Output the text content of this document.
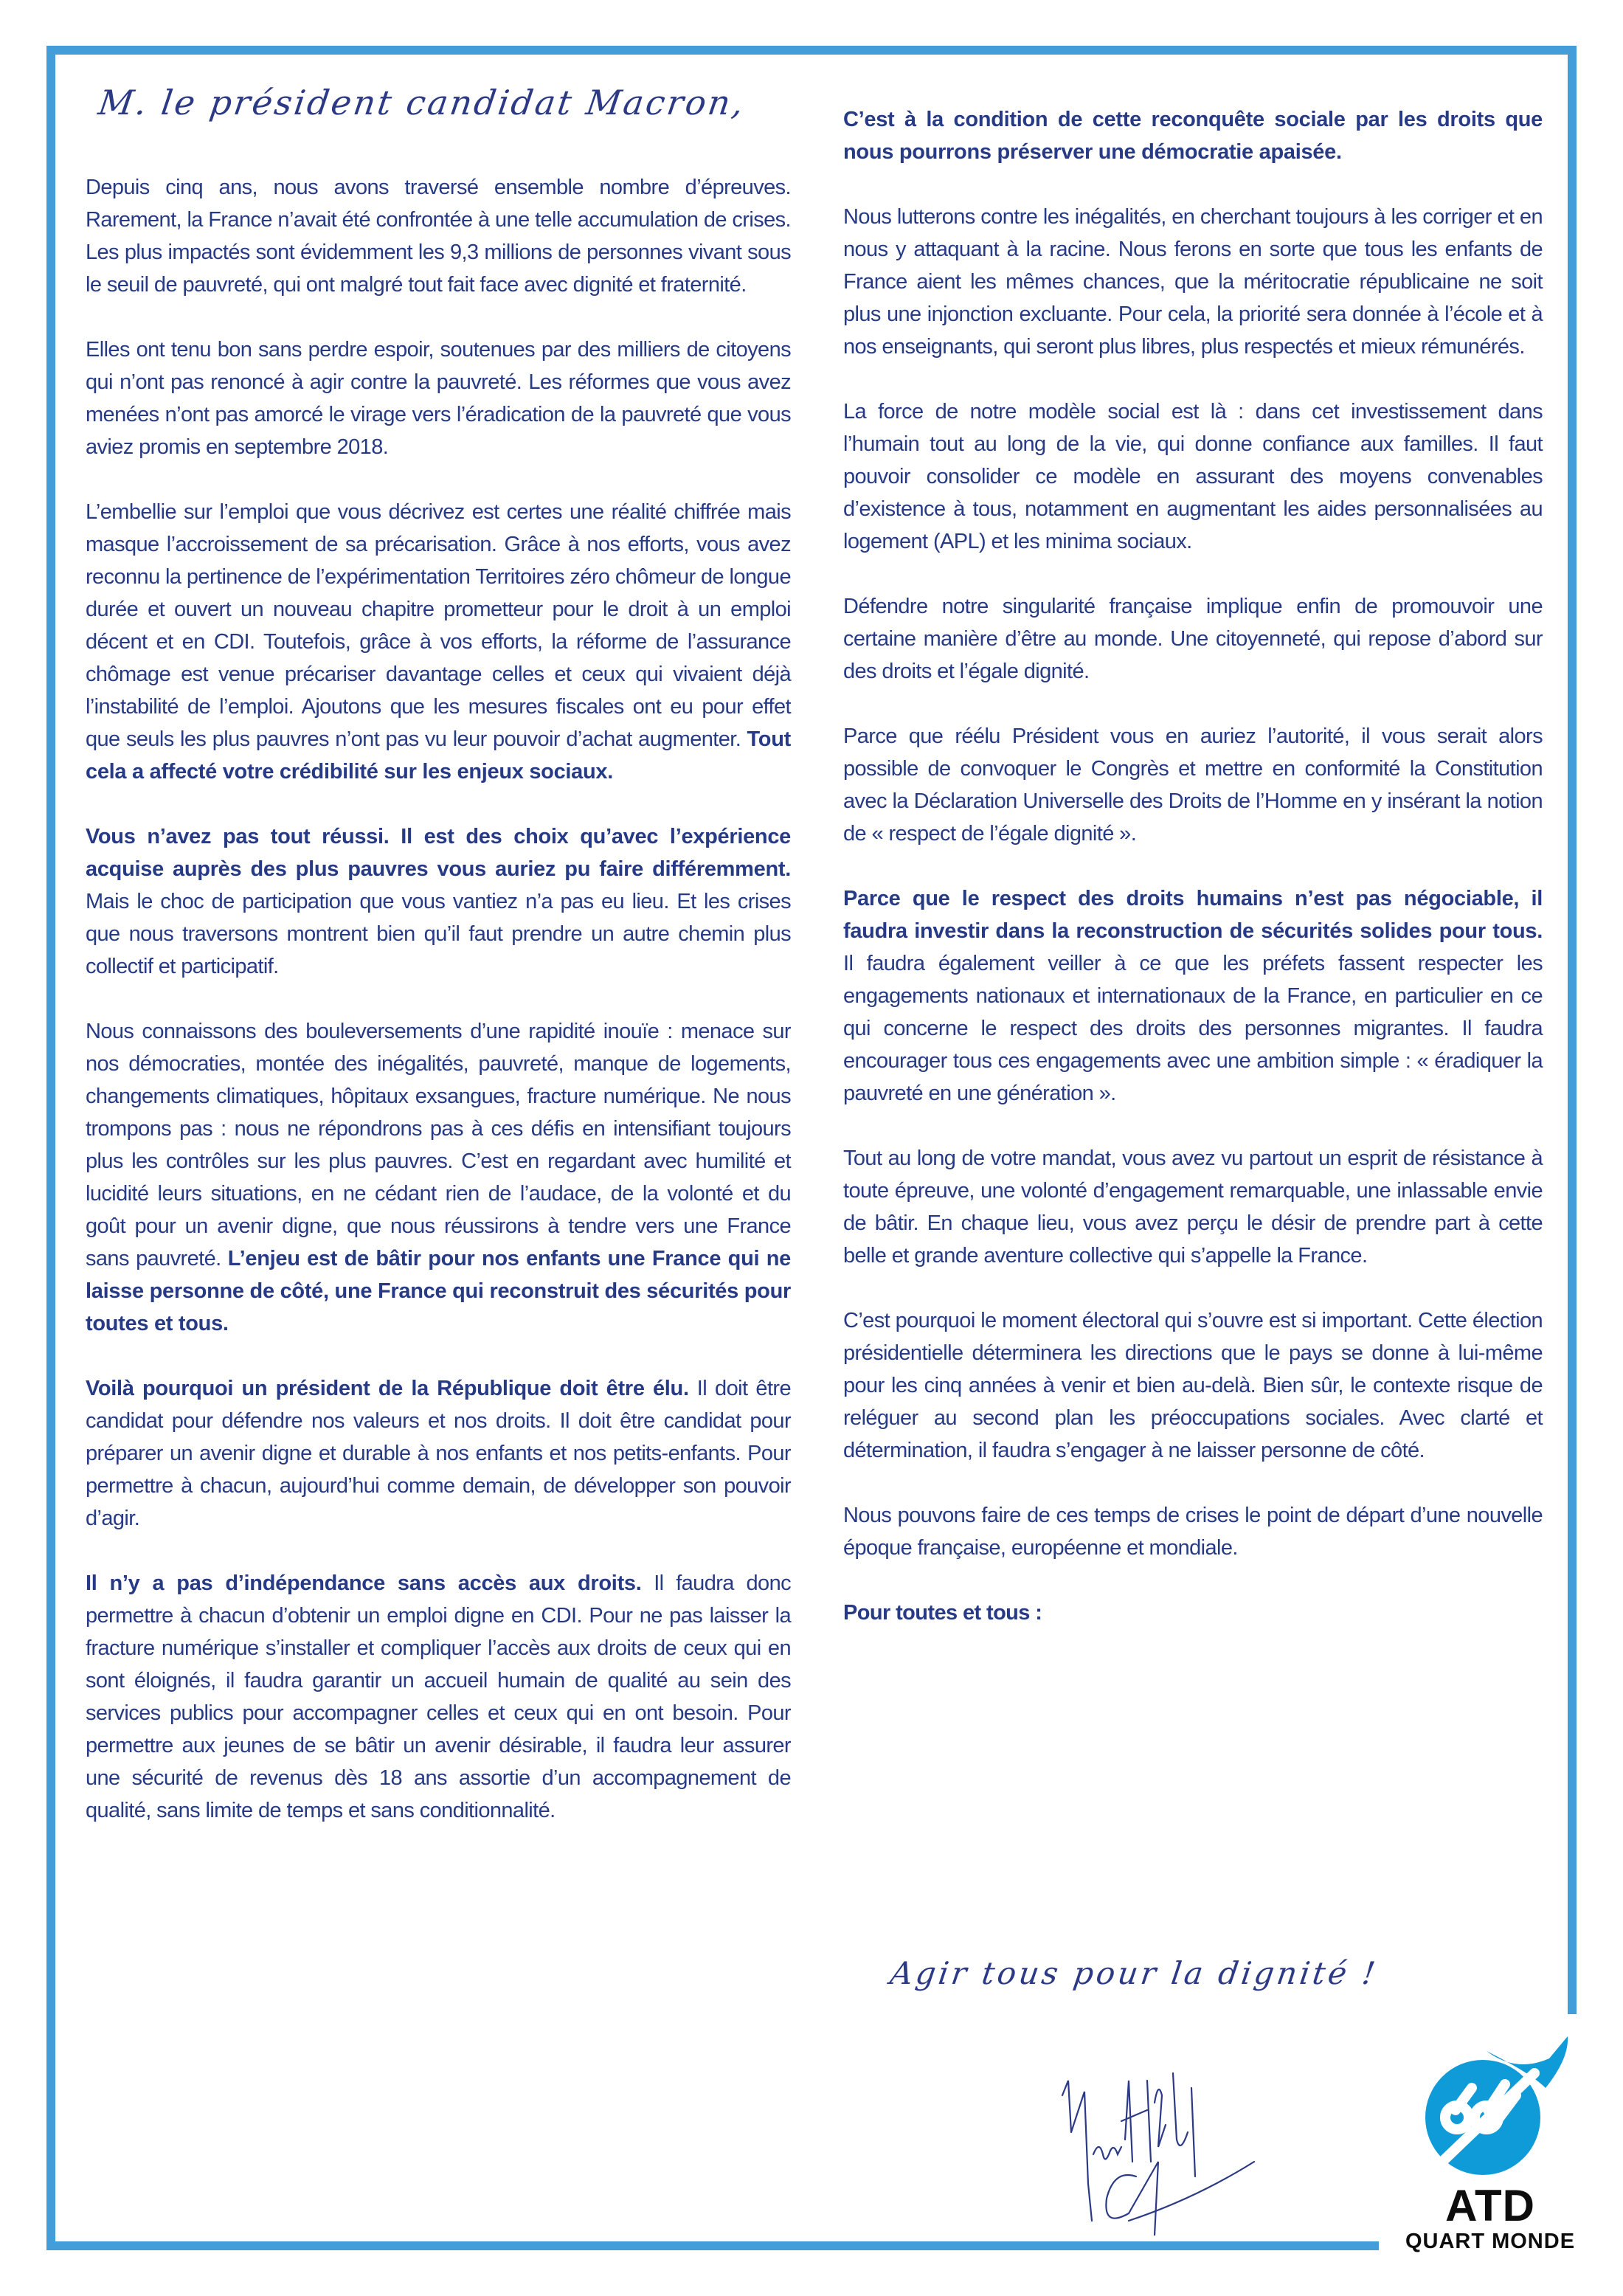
M. le président candidat Macron,

Depuis cinq ans, nous avons traversé ensemble nombre d’épreuves. Rarement, la France n’avait été confrontée à une telle accumulation de crises. Les plus impactés sont évidemment les 9,3 millions de personnes vivant sous le seuil de pauvreté, qui ont malgré tout fait face avec dignité et fraternité.

Elles ont tenu bon sans perdre espoir, soutenues par des milliers de citoyens qui n’ont pas renoncé à agir contre la pauvreté. Les réformes que vous avez menées n’ont pas amorcé le virage vers l’éradication de la pauvreté que vous aviez promis en septembre 2018.

L’embellie sur l’emploi que vous décrivez est certes une réalité chiffrée mais masque l’accroissement de sa précarisation. Grâce à nos efforts, vous avez reconnu la pertinence de l’expérimentation Territoires zéro chômeur de longue durée et ouvert un nouveau chapitre prometteur pour le droit à un emploi décent et en CDI. Toutefois, grâce à vos efforts, la réforme de l’assurance chômage est venue précariser davantage celles et ceux qui vivaient déjà l’instabilité de l’emploi. Ajoutons que les mesures fiscales ont eu pour effet que seuls les plus pauvres n’ont pas vu leur pouvoir d’achat augmenter. Tout cela a affecté votre crédibilité sur les enjeux sociaux.

Vous n’avez pas tout réussi. Il est des choix qu’avec l’expérience acquise auprès des plus pauvres vous auriez pu faire différemment. Mais le choc de participation que vous vantiez n’a pas eu lieu. Et les crises que nous traversons montrent bien qu’il faut prendre un autre chemin plus collectif et participatif.

Nous connaissons des bouleversements d’une rapidité inouïe : menace sur nos démocraties, montée des inégalités, pauvreté, manque de logements, changements climatiques, hôpitaux exsangues, fracture numérique. Ne nous trompons pas : nous ne répondrons pas à ces défis en intensifiant toujours plus les contrôles sur les plus pauvres. C’est en regardant avec humilité et lucidité leurs situations, en ne cédant rien de l’audace, de la volonté et du goût pour un avenir digne, que nous réussirons à tendre vers une France sans pauvreté. L’enjeu est de bâtir pour nos enfants une France qui ne laisse personne de côté, une France qui reconstruit des sécurités pour toutes et tous.

Voilà pourquoi un président de la République doit être élu. Il doit être candidat pour défendre nos valeurs et nos droits. Il doit être candidat pour préparer un avenir digne et durable à nos enfants et nos petits-enfants. Pour permettre à chacun, aujourd’hui comme demain, de développer son pouvoir d’agir.

Il n’y a pas d’indépendance sans accès aux droits. Il faudra donc permettre à chacun d’obtenir un emploi digne en CDI. Pour ne pas laisser la fracture numérique s’installer et compliquer l’accès aux droits de ceux qui en sont éloignés, il faudra garantir un accueil humain de qualité au sein des services publics pour accompagner celles et ceux qui en ont besoin. Pour permettre aux jeunes de se bâtir un avenir désirable, il faudra leur assurer une sécurité de revenus dès 18 ans assortie d’un accompagnement de qualité, sans limite de temps et sans conditionnalité.

C’est à la condition de cette reconquête sociale par les droits que nous pourrons préserver une démocratie apaisée.

Nous lutterons contre les inégalités, en cherchant toujours à les corriger et en nous y attaquant à la racine. Nous ferons en sorte que tous les enfants de France aient les mêmes chances, que la méritocratie républicaine ne soit plus une injonction excluante. Pour cela, la priorité sera donnée à l’école et à nos enseignants, qui seront plus libres, plus respectés et mieux rémunérés.

La force de notre modèle social est là : dans cet investissement dans l’humain tout au long de la vie, qui donne confiance aux familles. Il faut pouvoir consolider ce modèle en assurant des moyens convenables d’existence à tous, notamment en augmentant les aides personnalisées au logement (APL) et les minima sociaux.

Défendre notre singularité française implique enfin de promouvoir une certaine manière d’être au monde. Une citoyenneté, qui repose d’abord sur des droits et l’égale dignité.

Parce que réélu Président vous en auriez l’autorité, il vous serait alors possible de convoquer le Congrès et mettre en conformité la Constitution avec la Déclaration Universelle des Droits de l’Homme en y insérant la notion de « respect de l’égale dignité ».

Parce que le respect des droits humains n’est pas négociable, il faudra investir dans la reconstruction de sécurités solides pour tous. Il faudra également veiller à ce que les préfets fassent respecter les engagements nationaux et internationaux de la France, en particulier en ce qui concerne le respect des droits des personnes migrantes. Il faudra encourager tous ces engagements avec une ambition simple : « éradiquer la pauvreté en une génération ».

Tout au long de votre mandat, vous avez vu partout un esprit de résistance à toute épreuve, une volonté d’engagement remarquable, une inlassable envie de bâtir. En chaque lieu, vous avez perçu le désir de prendre part à cette belle et grande aventure collective qui s’appelle la France.

C’est pourquoi le moment électoral qui s’ouvre est si important. Cette élection présidentielle déterminera les directions que le pays se donne à lui-même pour les cinq années à venir et bien au-delà. Bien sûr, le contexte risque de reléguer au second plan les préoccupations sociales. Avec clarté et détermination, il faudra s’engager à ne laisser personne de côté.

Nous pouvons faire de ces temps de crises le point de départ d’une nouvelle époque française, européenne et mondiale.

Pour toutes et tous :

Agir tous pour la dignité !
ATD
QUART MONDE
